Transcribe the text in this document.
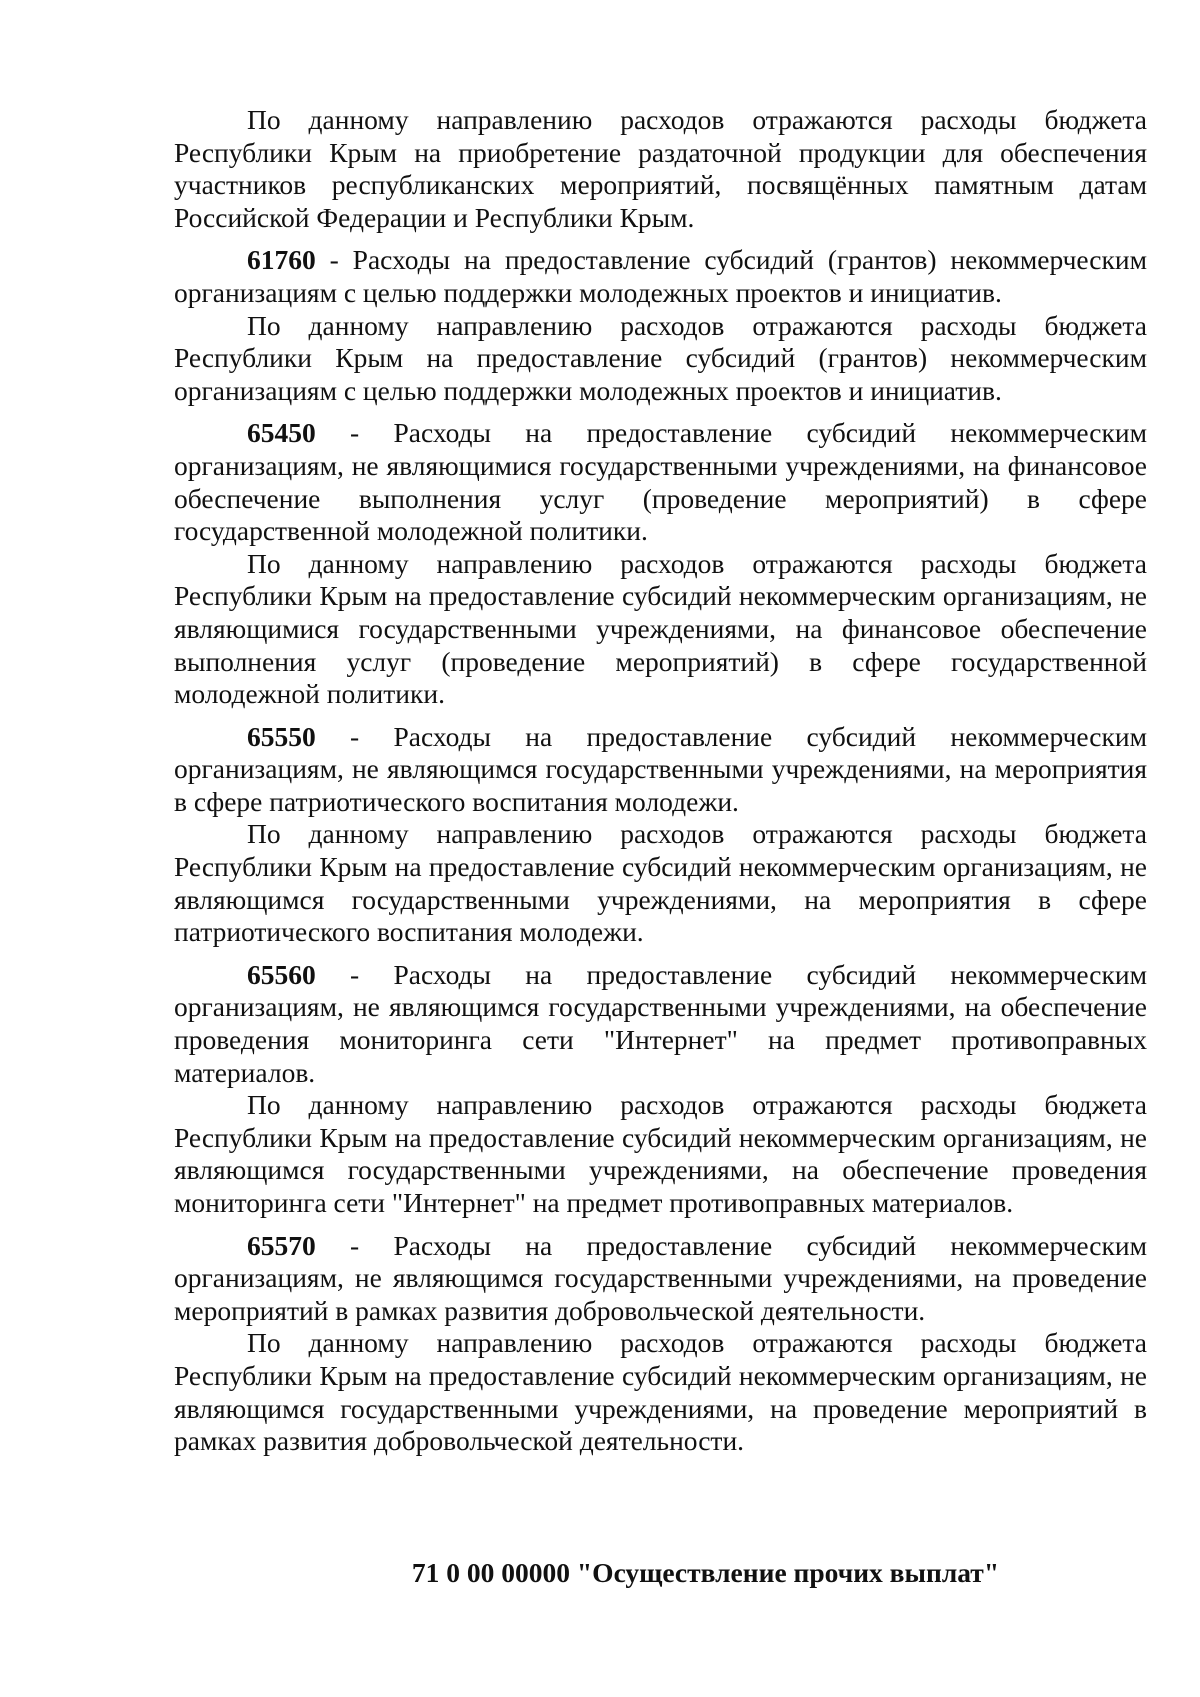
По данному направлению расходов отражаются расходы бюджета Республики Крым на приобретение раздаточной продукции для обеспечения участников республиканских мероприятий, посвящённых памятным датам Российской Федерации и Республики Крым.

61760 - Расходы на предоставление субсидий (грантов) некоммерческим организациям с целью поддержки молодежных проектов и инициатив.

По данному направлению расходов отражаются расходы бюджета Республики Крым на предоставление субсидий (грантов) некоммерческим организациям с целью поддержки молодежных проектов и инициатив.

65450 - Расходы на предоставление субсидий некоммерческим организациям, не являющимися государственными учреждениями, на финансовое обеспечение выполнения услуг (проведение мероприятий) в сфере государственной молодежной политики.

По данному направлению расходов отражаются расходы бюджета Республики Крым на предоставление субсидий некоммерческим организациям, не являющимися государственными учреждениями, на финансовое обеспечение выполнения услуг (проведение мероприятий) в сфере государственной молодежной политики.

65550 - Расходы на предоставление субсидий некоммерческим организациям, не являющимся государственными учреждениями, на мероприятия в сфере патриотического воспитания молодежи.

По данному направлению расходов отражаются расходы бюджета Республики Крым на предоставление субсидий некоммерческим организациям, не являющимся государственными учреждениями, на мероприятия в сфере патриотического воспитания молодежи.

65560 - Расходы на предоставление субсидий некоммерческим организациям, не являющимся государственными учреждениями, на обеспечение проведения мониторинга сети "Интернет" на предмет противоправных материалов.

По данному направлению расходов отражаются расходы бюджета Республики Крым на предоставление субсидий некоммерческим организациям, не являющимся государственными учреждениями, на обеспечение проведения мониторинга сети "Интернет" на предмет противоправных материалов.

65570 - Расходы на предоставление субсидий некоммерческим организациям, не являющимся государственными учреждениями, на проведение мероприятий в рамках развития добровольческой деятельности.

По данному направлению расходов отражаются расходы бюджета Республики Крым на предоставление субсидий некоммерческим организациям, не являющимся государственными учреждениями, на проведение мероприятий в рамках развития добровольческой деятельности.

71 0 00 00000 "Осуществление прочих выплат"
